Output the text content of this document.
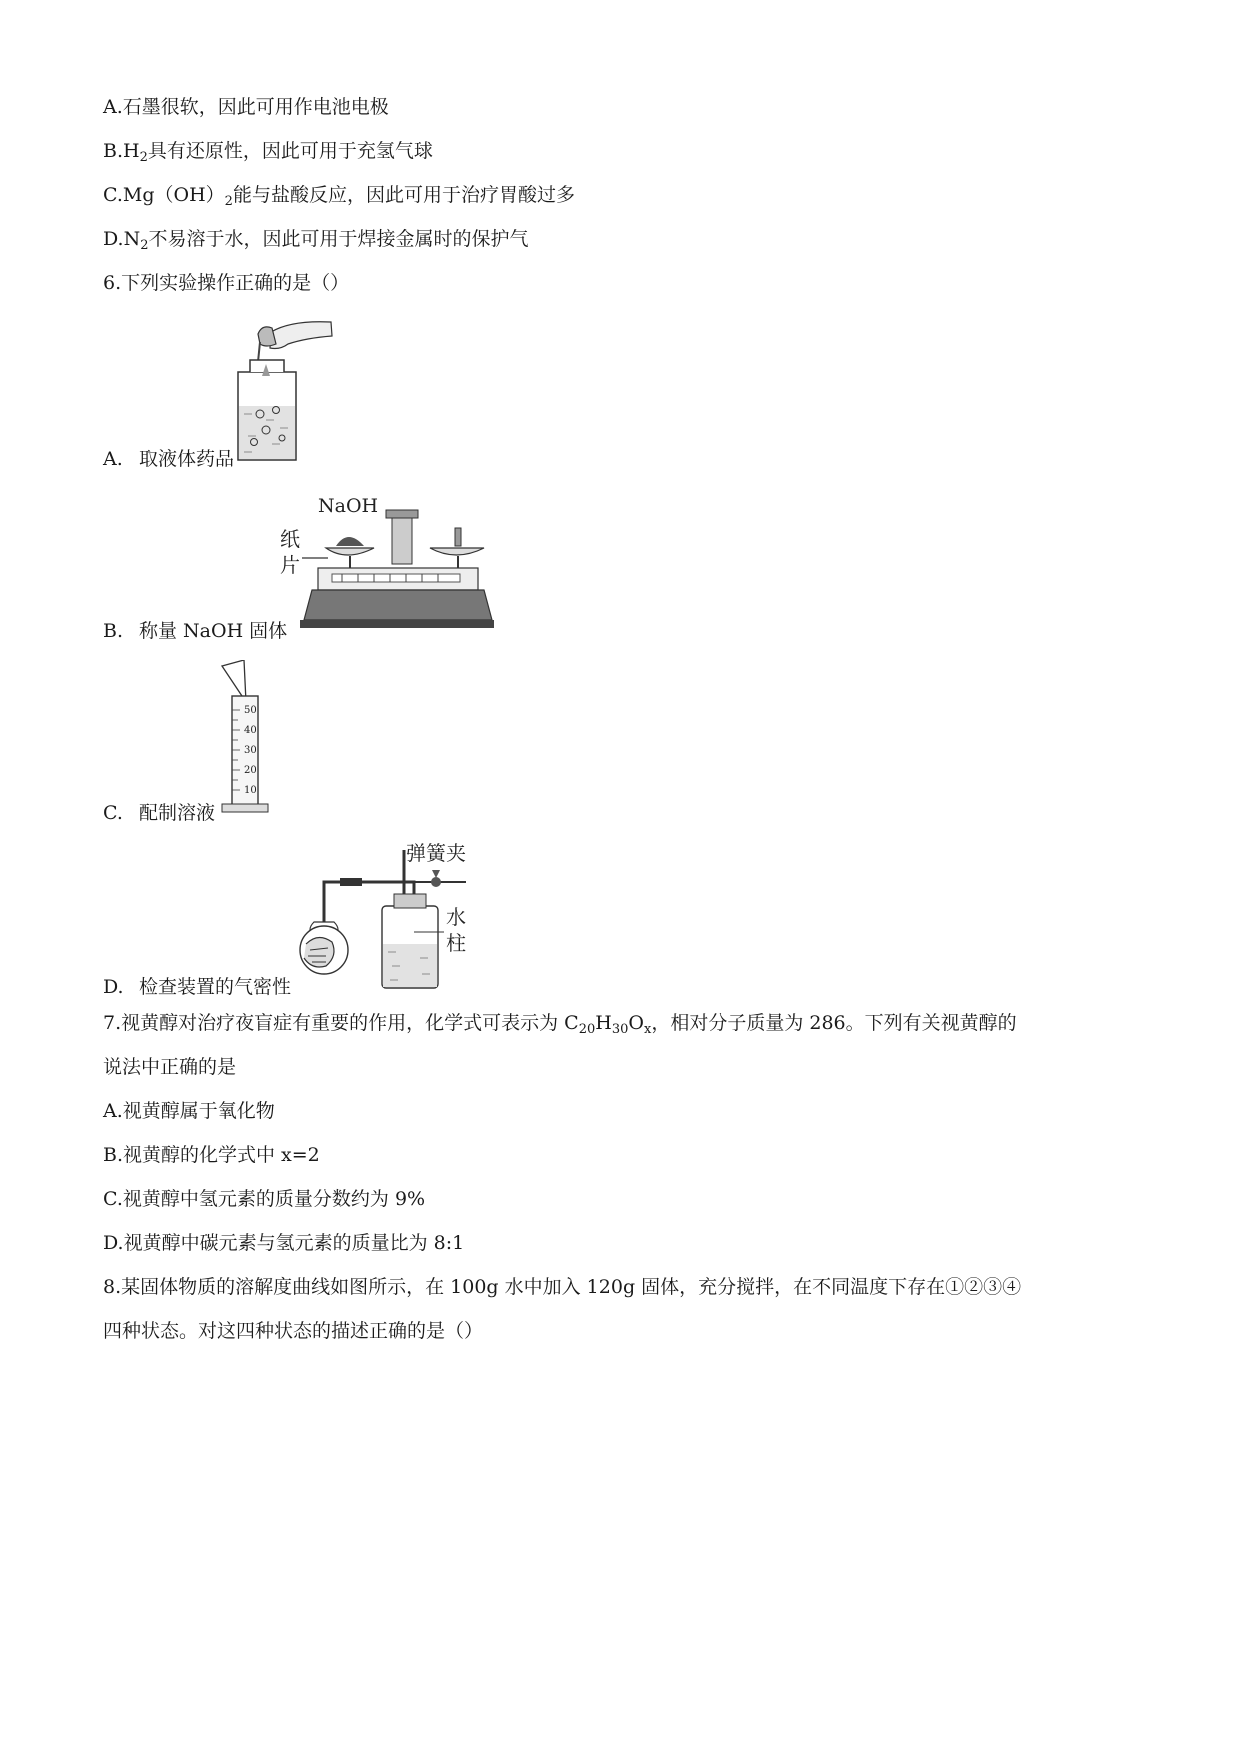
A.石墨很软，因此可用作电池电极
$B.H_2$具有还原性，因此可用于充氢气球
$C.Mg(OH)_2$能与盐酸反应，因此可用于治疗胃酸过多
$D.N_2$不易溶于水，因此可用于焊接金属时的保护气
6.下列实验操作正确的是（）
A. 取液体药品
NaOH
纸
片
B. 称量 NaOH 固体
50
40
30
20
10
C. 配制溶液
弹簧夹
水
柱
D. 检查装置的气密性
7.视黄醇对治疗夜盲症有重要的作用，化学式可表示为 $C_{20}H_{30}O_x$，相对分子质量为 286。下列有关视黄醇的
说法中正确的是
A.视黄醇属于氧化物
B.视黄醇的化学式中 x=2
C.视黄醇中氢元素的质量分数约为 9%
D.视黄醇中碳元素与氢元素的质量比为 8:1
8.某固体物质的溶解度曲线如图所示，在 100g 水中加入 120g 固体，充分搅拌，在不同温度下存在①②③④
四种状态。对这四种状态的描述正确的是（）
